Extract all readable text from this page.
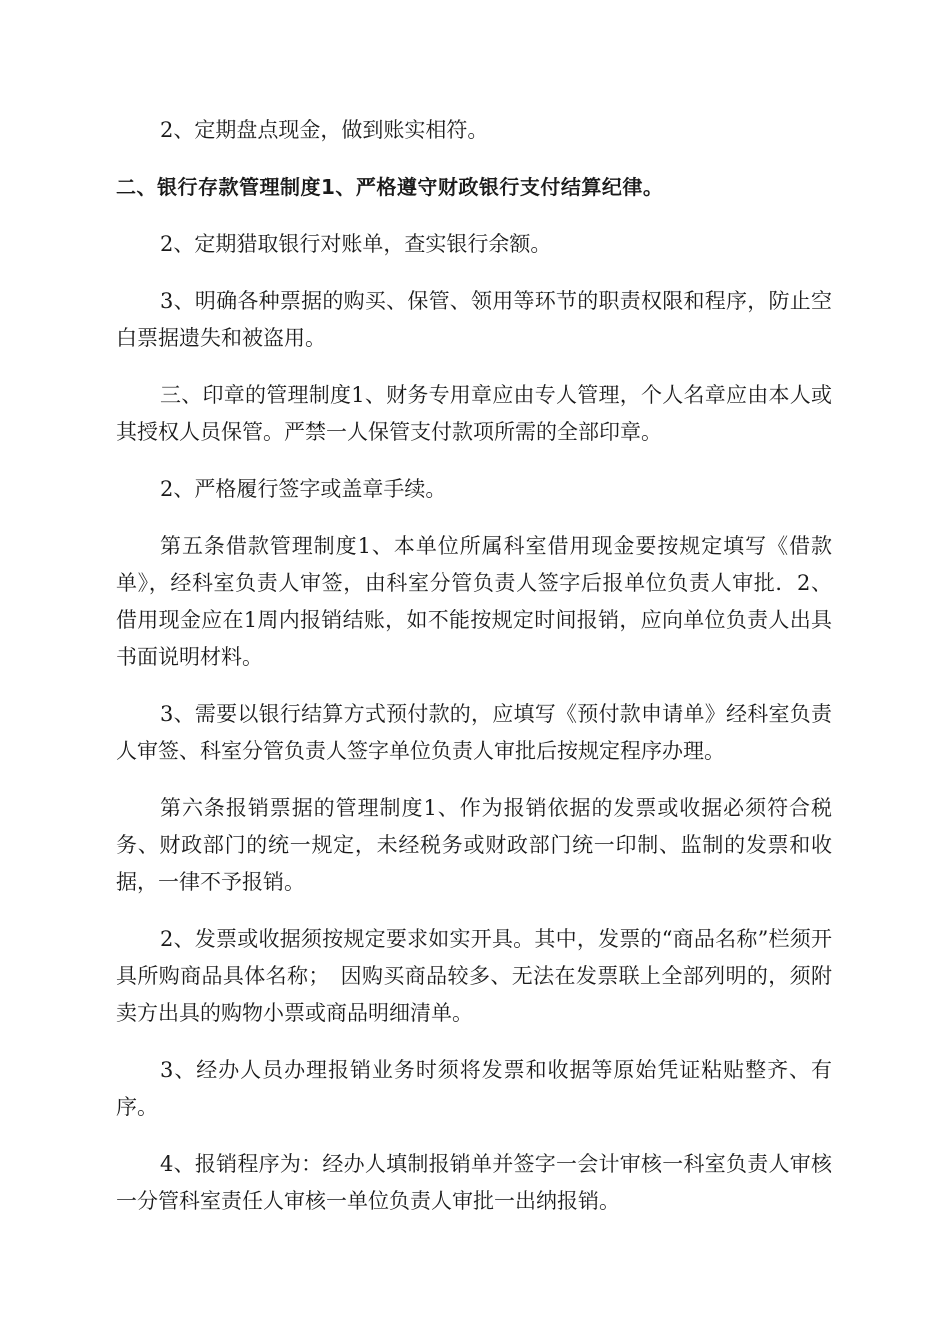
2、定期盘点现金，做到账实相符。

二、银行存款管理制度1、严格遵守财政银行支付结算纪律。

2、定期猎取银行对账单，查实银行余额。

3、明确各种票据的购买、保管、领用等环节的职责权限和程序，防止空白票据遗失和被盗用。

三、印章的管理制度1、财务专用章应由专人管理，个人名章应由本人或其授权人员保管。严禁一人保管支付款项所需的全部印章。

2、严格履行签字或盖章手续。

第五条借款管理制度1、本单位所属科室借用现金要按规定填写《借款单》，经科室负责人审签，由科室分管负责人签字后报单位负责人审批．2、借用现金应在1周内报销结账，如不能按规定时间报销，应向单位负责人出具书面说明材料。

3、需要以银行结算方式预付款的，应填写《预付款申请单》经科室负责人审签、科室分管负责人签字单位负责人审批后按规定程序办理。

第六条报销票据的管理制度1、作为报销依据的发票或收据必须符合税务、财政部门的统一规定，未经税务或财政部门统一印制、监制的发票和收据，一律不予报销。

2、发票或收据须按规定要求如实开具。其中，发票的“商品名称”栏须开具所购商品具体名称；　因购买商品较多、无法在发票联上全部列明的，须附卖方出具的购物小票或商品明细清单。

3、经办人员办理报销业务时须将发票和收据等原始凭证粘贴整齐、有序。

4、报销程序为：经办人填制报销单并签字一会计审核一科室负责人审核一分管科室责任人审核一单位负责人审批一出纳报销。
